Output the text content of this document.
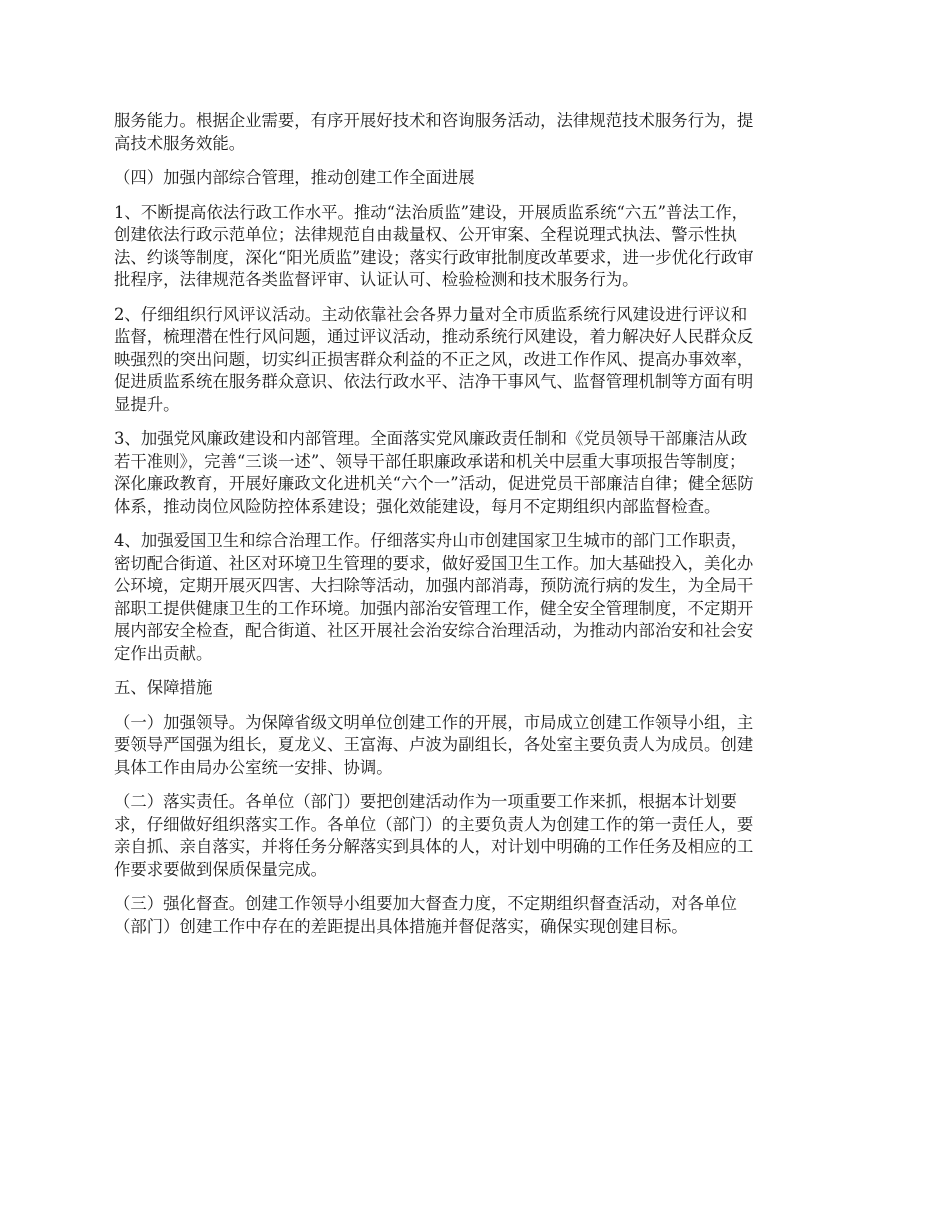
服务能力。根据企业需要，有序开展好技术和咨询服务活动，法律规范技术服务行为，提
高技术服务效能。
（四）加强内部综合管理，推动创建工作全面进展
1、不断提高依法行政工作水平。推动“法治质监”建设，开展质监系统“六五”普法工作，
创建依法行政示范单位；法律规范自由裁量权、公开审案、全程说理式执法、警示性执
法、约谈等制度，深化“阳光质监”建设；落实行政审批制度改革要求，进一步优化行政审
批程序，法律规范各类监督评审、认证认可、检验检测和技术服务行为。
2、仔细组织行风评议活动。主动依靠社会各界力量对全市质监系统行风建设进行评议和
监督，梳理潜在性行风问题，通过评议活动，推动系统行风建设，着力解决好人民群众反
映强烈的突出问题，切实纠正损害群众利益的不正之风，改进工作作风、提高办事效率，
促进质监系统在服务群众意识、依法行政水平、洁净干事风气、监督管理机制等方面有明
显提升。
3、加强党风廉政建设和内部管理。全面落实党风廉政责任制和《党员领导干部廉洁从政
若干准则》，完善“三谈一述”、领导干部任职廉政承诺和机关中层重大事项报告等制度；
深化廉政教育，开展好廉政文化进机关“六个一”活动，促进党员干部廉洁自律；健全惩防
体系，推动岗位风险防控体系建设；强化效能建设，每月不定期组织内部监督检查。
4、加强爱国卫生和综合治理工作。仔细落实舟山市创建国家卫生城市的部门工作职责，
密切配合街道、社区对环境卫生管理的要求，做好爱国卫生工作。加大基础投入，美化办
公环境，定期开展灭四害、大扫除等活动，加强内部消毒，预防流行病的发生，为全局干
部职工提供健康卫生的工作环境。加强内部治安管理工作，健全安全管理制度，不定期开
展内部安全检查，配合街道、社区开展社会治安综合治理活动，为推动内部治安和社会安
定作出贡献。
五、保障措施
（一）加强领导。为保障省级文明单位创建工作的开展，市局成立创建工作领导小组，主
要领导严国强为组长，夏龙义、王富海、卢波为副组长，各处室主要负责人为成员。创建
具体工作由局办公室统一安排、协调。
（二）落实责任。各单位（部门）要把创建活动作为一项重要工作来抓，根据本计划要
求，仔细做好组织落实工作。各单位（部门）的主要负责人为创建工作的第一责任人，要
亲自抓、亲自落实，并将任务分解落实到具体的人，对计划中明确的工作任务及相应的工
作要求要做到保质保量完成。
（三）强化督查。创建工作领导小组要加大督查力度，不定期组织督查活动，对各单位
（部门）创建工作中存在的差距提出具体措施并督促落实，确保实现创建目标。
